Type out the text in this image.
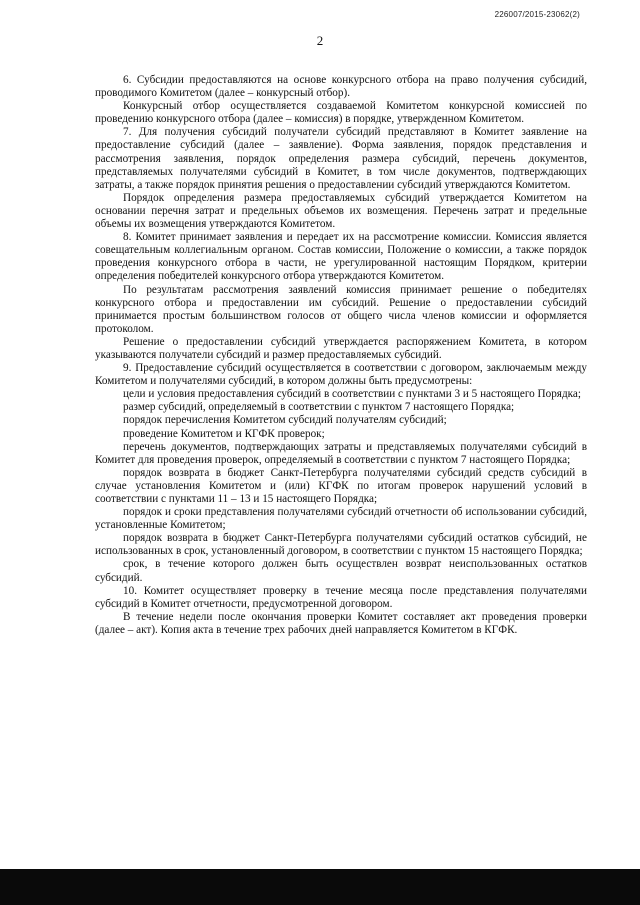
226007/2015-23062(2)
2

6. Субсидии предоставляются на основе конкурсного отбора на право получения субсидий, проводимого Комитетом (далее – конкурсный отбор).

Конкурсный отбор осуществляется создаваемой Комитетом конкурсной комиссией по проведению конкурсного отбора (далее – комиссия) в порядке, утвержденном Комитетом.

7. Для получения субсидий получатели субсидий представляют в Комитет заявление на предоставление субсидий (далее – заявление). Форма заявления, порядок представления и рассмотрения заявления, порядок определения размера субсидий, перечень документов, представляемых получателями субсидий в Комитет, в том числе документов, подтверждающих затраты, а также порядок принятия решения о предоставлении субсидий утверждаются Комитетом.

Порядок определения размера предоставляемых субсидий утверждается Комитетом на основании перечня затрат и предельных объемов их возмещения. Перечень затрат и предельные объемы их возмещения утверждаются Комитетом.

8. Комитет принимает заявления и передает их на рассмотрение комиссии. Комиссия является совещательным коллегиальным органом. Состав комиссии, Положение о комиссии, а также порядок проведения конкурсного отбора в части, не урегулированной настоящим Порядком, критерии определения победителей конкурсного отбора утверждаются Комитетом.

По результатам рассмотрения заявлений комиссия принимает решение о победителях конкурсного отбора и предоставлении им субсидий. Решение о предоставлении субсидий принимается простым большинством голосов от общего числа членов комиссии и оформляется протоколом.

Решение о предоставлении субсидий утверждается распоряжением Комитета, в котором указываются получатели субсидий и размер предоставляемых субсидий.

9. Предоставление субсидий осуществляется в соответствии с договором, заключаемым между Комитетом и получателями субсидий, в котором должны быть предусмотрены:

цели и условия предоставления субсидий в соответствии с пунктами 3 и 5 настоящего Порядка;

размер субсидий, определяемый в соответствии с пунктом 7 настоящего Порядка;

порядок перечисления Комитетом субсидий получателям субсидий;

проведение Комитетом и КГФК проверок;

перечень документов, подтверждающих затраты и представляемых получателями субсидий в Комитет для проведения проверок, определяемый в соответствии с пунктом 7 настоящего Порядка;

порядок возврата в бюджет Санкт-Петербурга получателями субсидий средств субсидий в случае установления Комитетом и (или) КГФК по итогам проверок нарушений условий в соответствии с пунктами 11 – 13 и 15 настоящего Порядка;

порядок и сроки представления получателями субсидий отчетности об использовании субсидий, установленные Комитетом;

порядок возврата в бюджет Санкт-Петербурга получателями субсидий остатков субсидий, не использованных в срок, установленный договором, в соответствии с пунктом 15 настоящего Порядка;

срок, в течение которого должен быть осуществлен возврат неиспользованных остатков субсидий.

10. Комитет осуществляет проверку в течение месяца после представления получателями субсидий в Комитет отчетности, предусмотренной договором.

В течение недели после окончания проверки Комитет составляет акт проведения проверки (далее – акт). Копия акта в течение трех рабочих дней направляется Комитетом в КГФК.
